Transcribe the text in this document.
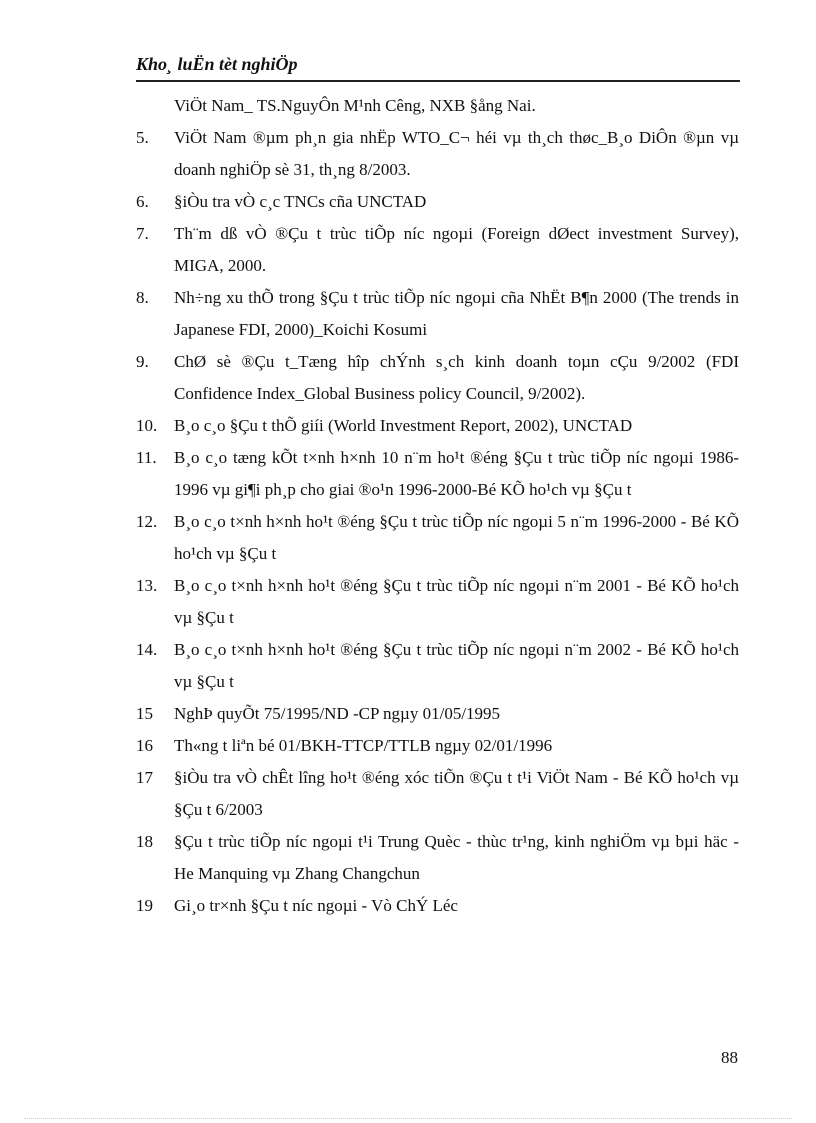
Kho¸ luËn tèt nghiÖp
ViÖt Nam_ TS.NguyÔn M¹nh Cêng, NXB §ång Nai.
5.	ViÖt Nam ®µm ph¸n gia nhËp WTO_C¬ héi vµ th¸ch thøc_B¸o DiÔn ®µn vµ doanh nghiÖp sè 31, th¸ng 8/2003.
6.	§iÒu tra vÒ c¸c TNCs cña UNCTAD
7.	Th¨m dß vÒ ®Çu t trùc tiÕp níc ngoµi (Foreign dØect investment Survey), MIGA, 2000.
8.	Nh÷ng xu thÕ trong §Çu t trùc tiÕp níc ngoµi cña NhËt B¶n 2000 (The trends in Japanese FDI, 2000)_Koichi Kosumi
9.	ChØ sè ®Çu t_Tæng hîp chÝnh s¸ch kinh doanh toµn cÇu 9/2002 (FDI Confidence Index_Global Business policy Council, 9/2002).
10. B¸o c¸o §Çu t thÕ giíi (World Investment Report, 2002), UNCTAD
11.	B¸o c¸o tæng kÕt t×nh h×nh 10 n¨m ho¹t ®éng §Çu t trùc tiÕp níc ngoµi 1986-1996 vµ gi¶i ph¸p cho giai ®o¹n 1996-2000-Bé KÕ ho¹ch vµ §Çu t
12. B¸o c¸o t×nh h×nh ho¹t ®éng §Çu t trùc tiÕp níc ngoµi 5 n¨m 1996-2000 - Bé KÕ ho¹ch vµ §Çu t
13. B¸o c¸o t×nh h×nh ho¹t ®éng §Çu t trùc tiÕp níc ngoµi n¨m 2001 - Bé KÕ ho¹ch vµ §Çu t
14. B¸o c¸o t×nh h×nh ho¹t ®éng §Çu t trùc tiÕp níc ngoµi n¨m 2002 - Bé KÕ ho¹ch vµ §Çu t
15	NghÞ quyÕt 75/1995/ND -CP ngµy 01/05/1995
16	Th«ng t liªn bé 01/BKH-TTCP/TTLB ngµy 02/01/1996
17	§iÒu tra vÒ chÊt lîng ho¹t ®éng xóc tiÕn ®Çu t t¹i ViÖt Nam - Bé KÕ ho¹ch vµ §Çu t 6/2003
18	§Çu t trùc tiÕp níc ngoµi t¹i Trung Quèc - thùc tr¹ng, kinh nghiÖm vµ bµi häc - He Manquing vµ Zhang Changchun
19	Gi¸o tr×nh §Çu t níc ngoµi - Vò ChÝ Léc
88
